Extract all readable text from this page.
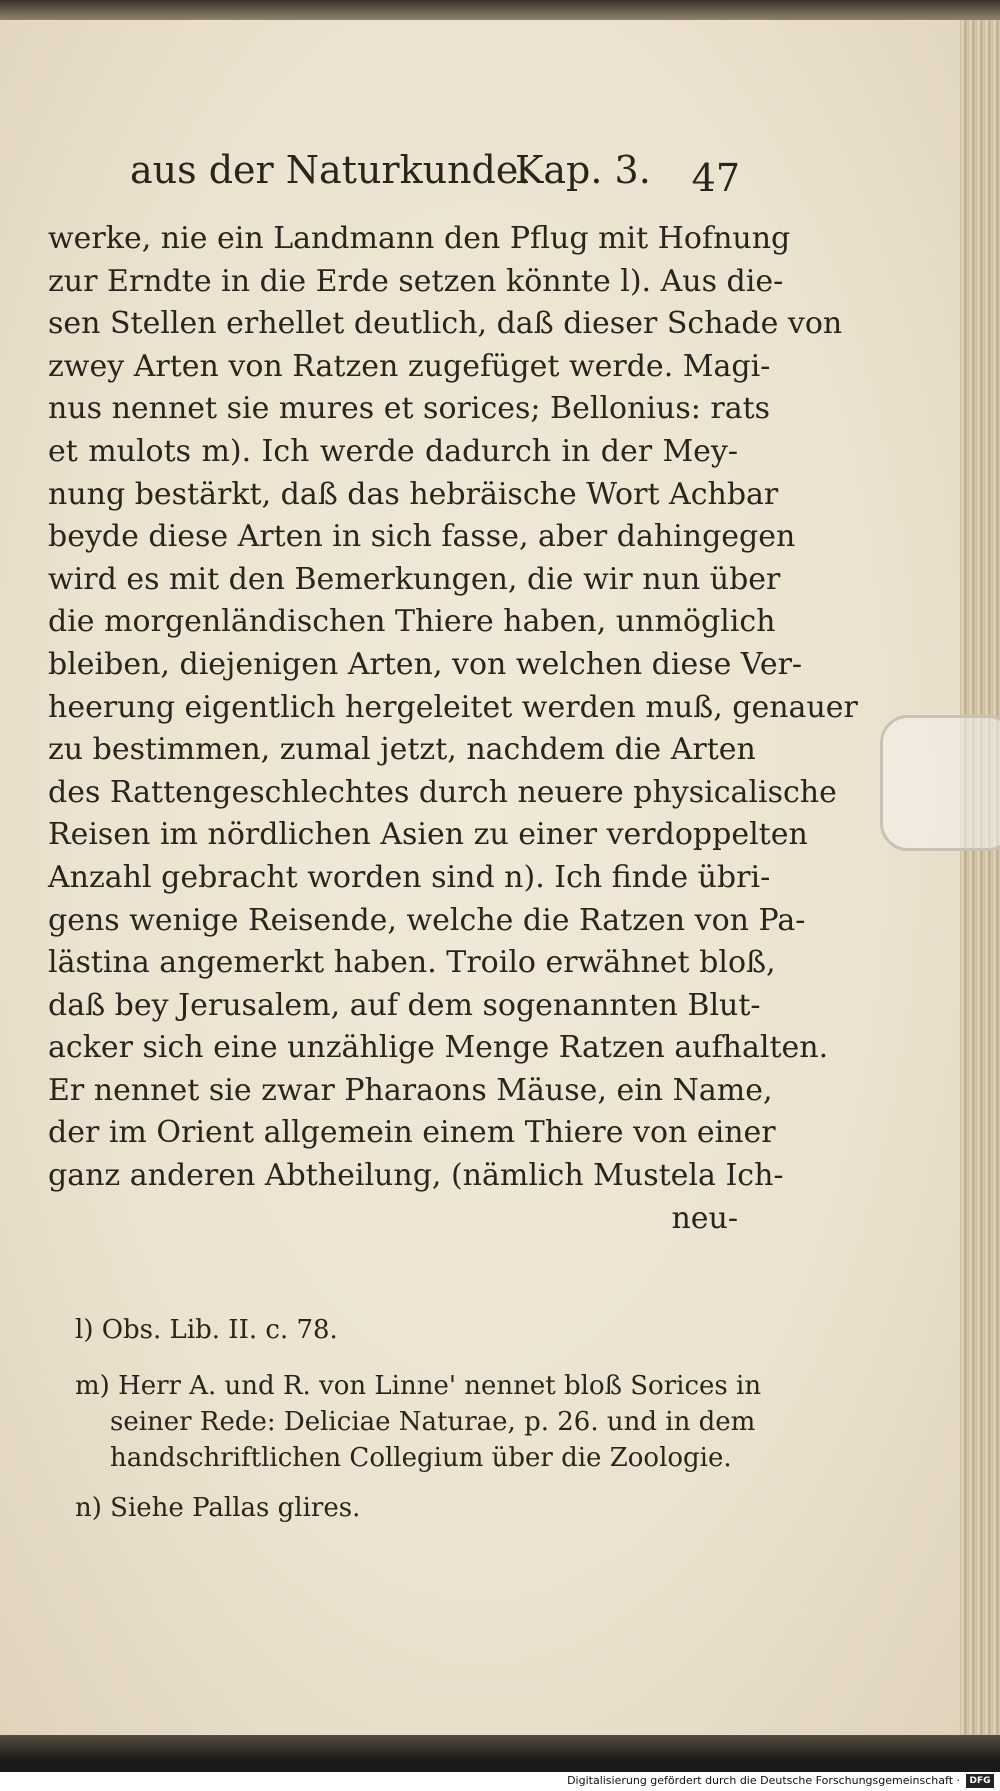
aus der Naturkunde.
Kap. 3. 47
werke, nie ein Landmann den Pflug mit Hofnung
zur Erndte in die Erde setzen könnte l). Aus die-
sen Stellen erhellet deutlich, daß dieser Schade von
zwey Arten von Ratzen zugefüget werde. Magi-
nus nennet sie mures et sorices; Bellonius: rats
et mulots m). Ich werde dadurch in der Mey-
nung bestärkt, daß das hebräische Wort Achbar
beyde diese Arten in sich fasse, aber dahingegen
wird es mit den Bemerkungen, die wir nun über
die morgenländischen Thiere haben, unmöglich
bleiben, diejenigen Arten, von welchen diese Ver-
heerung eigentlich hergeleitet werden muß, genauer
zu bestimmen, zumal jetzt, nachdem die Arten
des Rattengeschlechtes durch neuere physicalische
Reisen im nördlichen Asien zu einer verdoppelten
Anzahl gebracht worden sind n). Ich finde übri-
gens wenige Reisende, welche die Ratzen von Pa-
lästina angemerkt haben. Troilo erwähnet bloß,
daß bey Jerusalem, auf dem sogenannten Blut-
acker sich eine unzählige Menge Ratzen aufhalten.
Er nennet sie zwar Pharaons Mäuse, ein Name,
der im Orient allgemein einem Thiere von einer
ganz anderen Abtheilung, (nämlich Mustela Ich-
neu-
l) Obs. Lib. II. c. 78.
m) Herr A. und R. von Linne' nennet bloß Sorices in
seiner Rede: Deliciae Naturae, p. 26. und in dem
handschriftlichen Collegium über die Zoologie.
n) Siehe Pallas glires.
Digitalisierung gefördert durch die Deutsche Forschungsgemeinschaft ·	DFG
